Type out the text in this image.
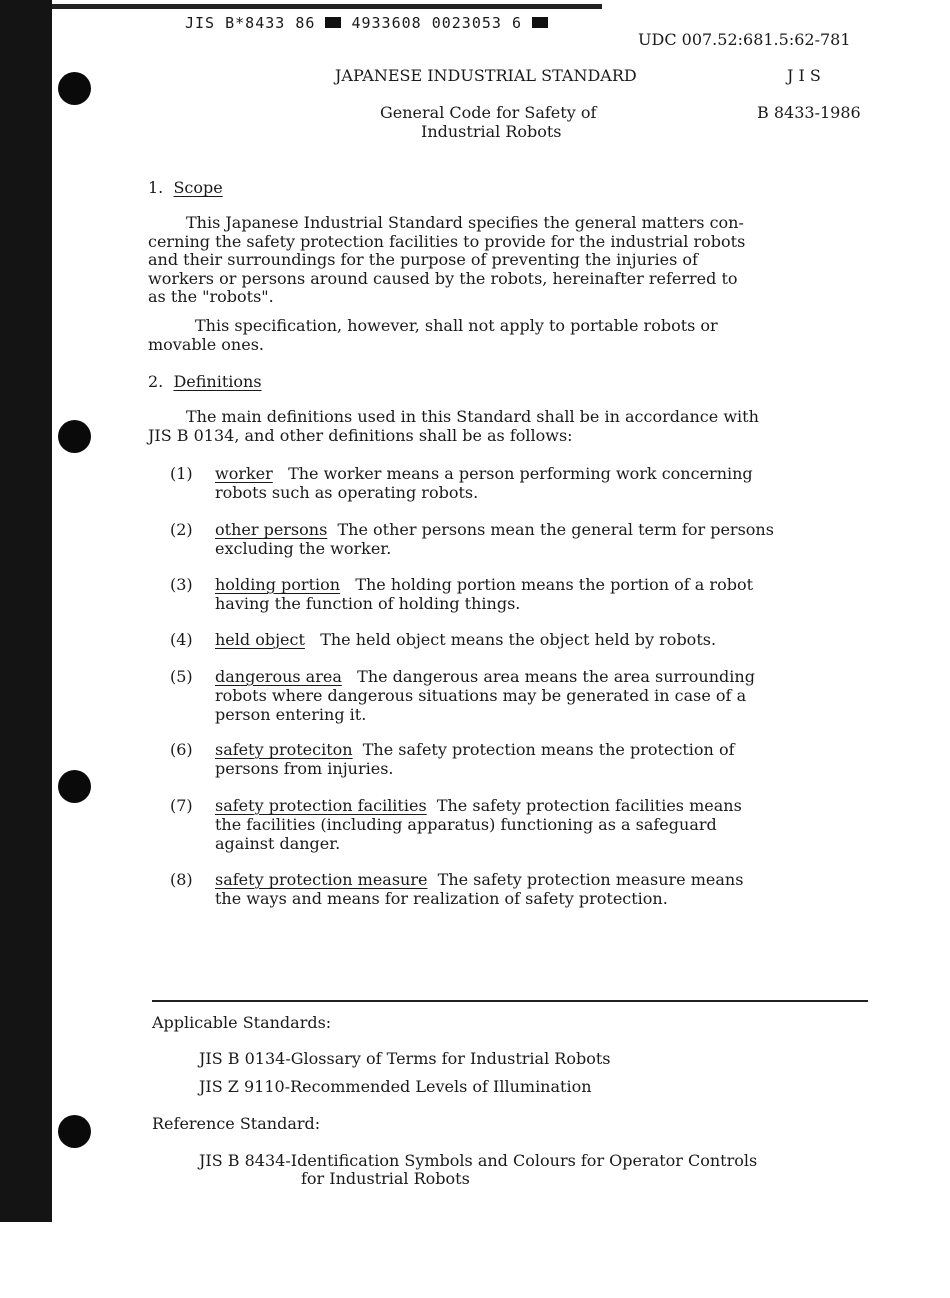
JIS B*8433 86 4933608 0023053 6

UDC 007.52:681.5:62-781

JAPANESE INDUSTRIAL STANDARD	J I S

General Code for Safety of

Industrial Robots

B 8433-1986

1. Scope

This Japanese Industrial Standard specifies the general matters con-
cerning the safety protection facilities to provide for the industrial robots
and their surroundings for the purpose of preventing the injuries of
workers or persons around caused by the robots, hereinafter referred to
as the "robots".
This specification, however, shall not apply to portable robots or
movable ones.

2. Definitions

The main definitions used in this Standard shall be in accordance with
JIS B 0134, and other definitions shall be as follows:

(1) worker The worker means a person performing work concerning
robots such as operating robots.

(2) other persons The other persons mean the general term for persons
excluding the worker.

(3) holding portion The holding portion means the portion of a robot
having the function of holding things.

(4) held object The held object means the object held by robots.

(5) dangerous area The dangerous area means the area surrounding
robots where dangerous situations may be generated in case of a
person entering it.

(6) safety proteciton The safety protection means the protection of
persons from injuries.

(7) safety protection facilities The safety protection facilities means
the facilities (including apparatus) functioning as a safeguard
against danger.

(8) safety protection measure The safety protection measure means
the ways and means for realization of safety protection.

Applicable Standards:

JIS B 0134-Glossary of Terms for Industrial Robots

JIS Z 9110-Recommended Levels of Illumination

Reference Standard:

JIS B 8434-Identification Symbols and Colours for Operator Controls

for Industrial Robots
